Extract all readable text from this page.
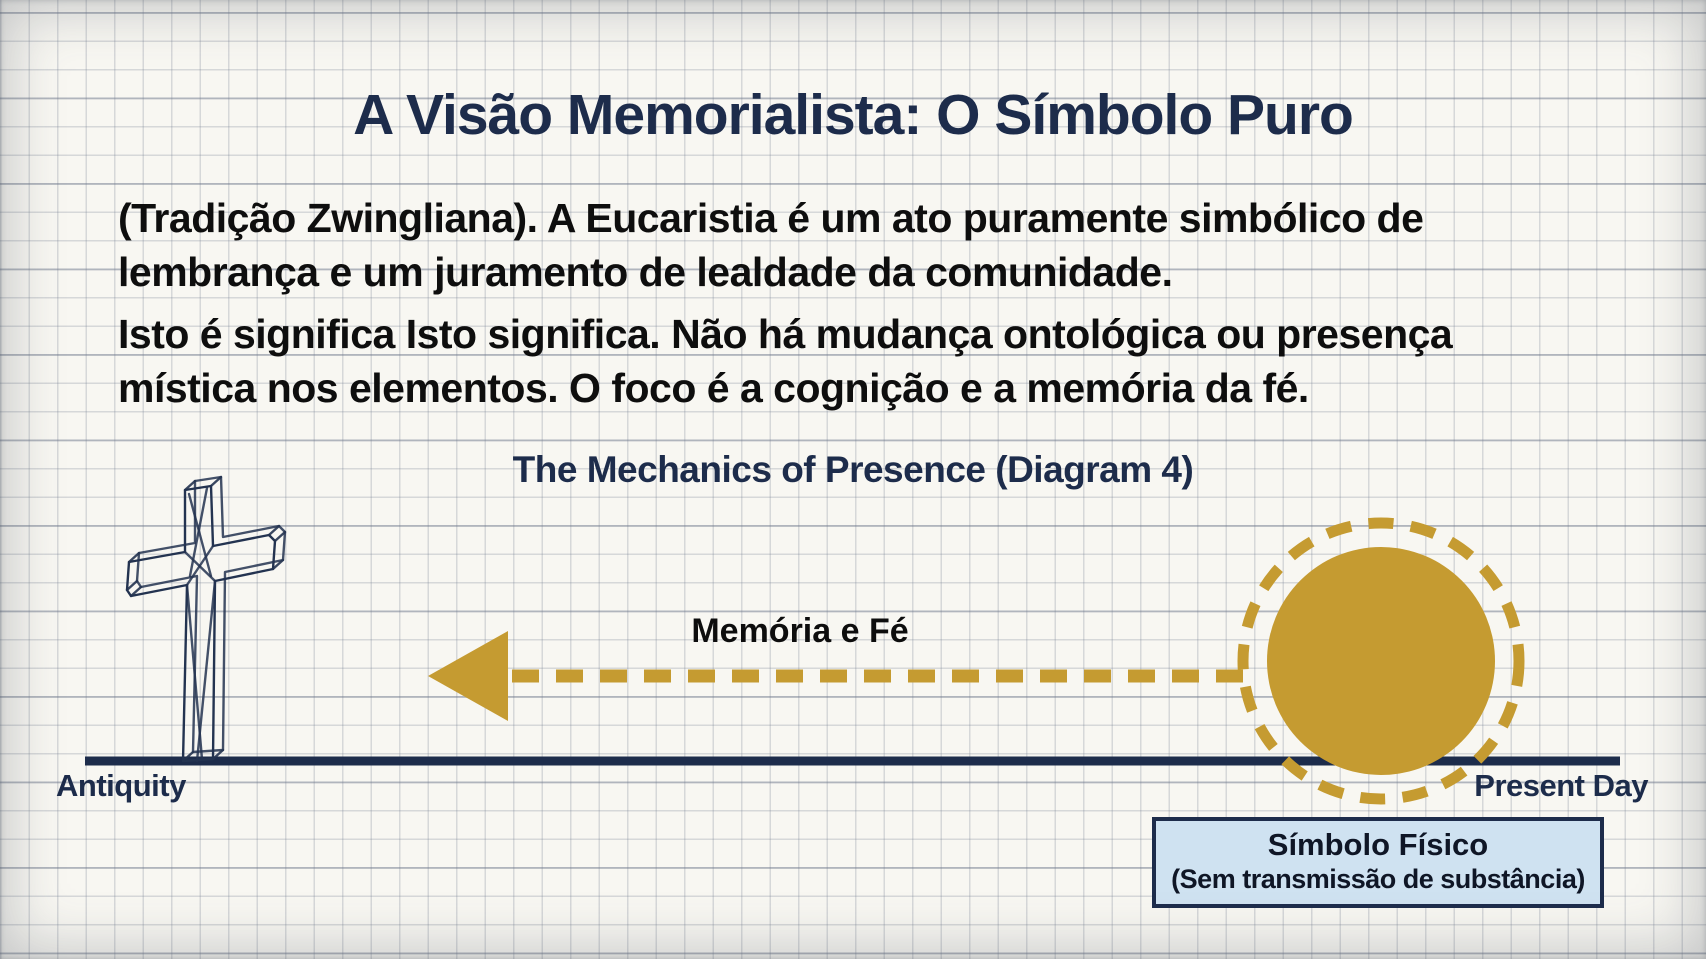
A Visão Memorialista: O Símbolo Puro

(Tradição Zwingliana). A Eucaristia é um ato puramente simbólico de
lembrança e um juramento de lealdade da comunidade.

Isto é significa Isto significa. Não há mudança ontológica ou presença
mística nos elementos. O foco é a cognição e a memória da fé.

The Mechanics of Presence (Diagram 4)
Memória e Fé
Antiquity	Present Day
Símbolo Físico
(Sem transmissão de substância)
